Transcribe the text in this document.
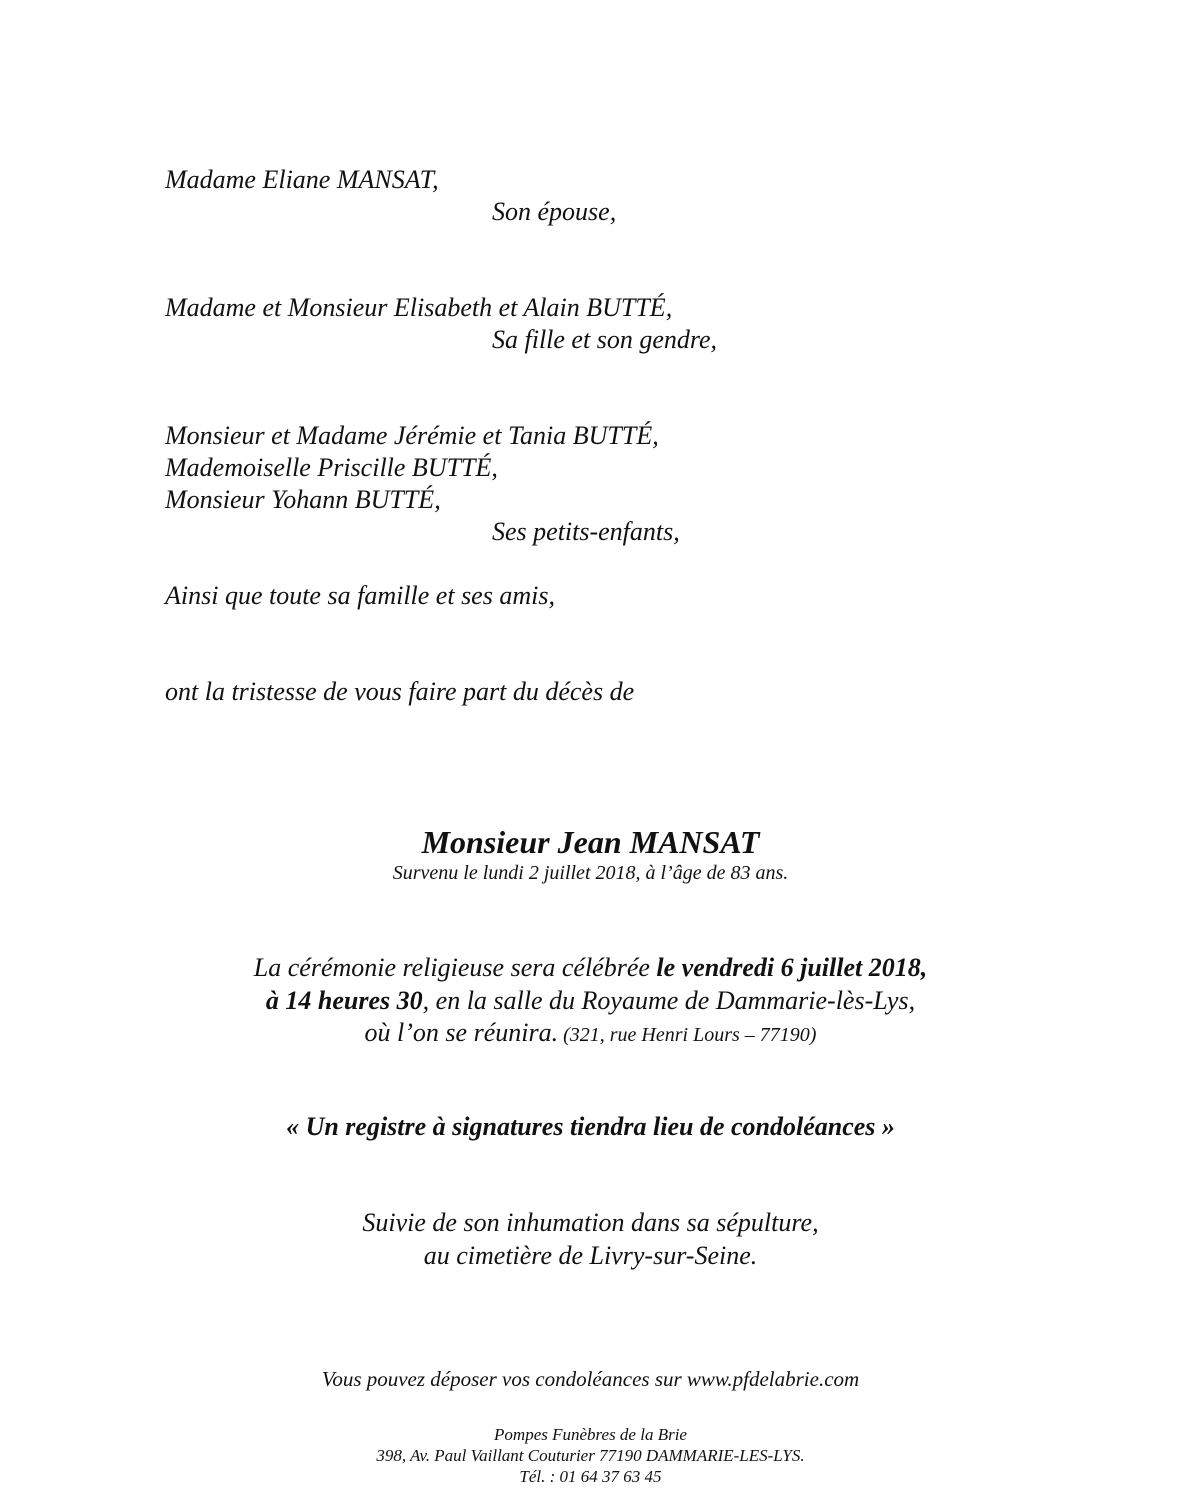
Madame Eliane MANSAT,
Son épouse,
Madame et Monsieur Elisabeth et Alain BUTTÉ,
Sa fille et son gendre,
Monsieur et Madame Jérémie et Tania BUTTÉ,
Mademoiselle Priscille BUTTÉ,
Monsieur Yohann BUTTÉ,
Ses petits-enfants,
Ainsi que toute sa famille et ses amis,
ont la tristesse de vous faire part du décès de
Monsieur Jean MANSAT
Survenu le lundi 2 juillet 2018, à l’âge de 83 ans.
La cérémonie religieuse sera célébrée le vendredi 6 juillet 2018,
à 14 heures 30, en la salle du Royaume de Dammarie-lès-Lys,
où l’on se réunira. (321, rue Henri Lours – 77190)
« Un registre à signatures tiendra lieu de condoléances »
Suivie de son inhumation dans sa sépulture,
au cimetière de Livry-sur-Seine.
Vous pouvez déposer vos condoléances sur www.pfdelabrie.com
Pompes Funèbres de la Brie
398, Av. Paul Vaillant Couturier 77190 DAMMARIE-LES-LYS.
Tél. : 01 64 37 63 45
